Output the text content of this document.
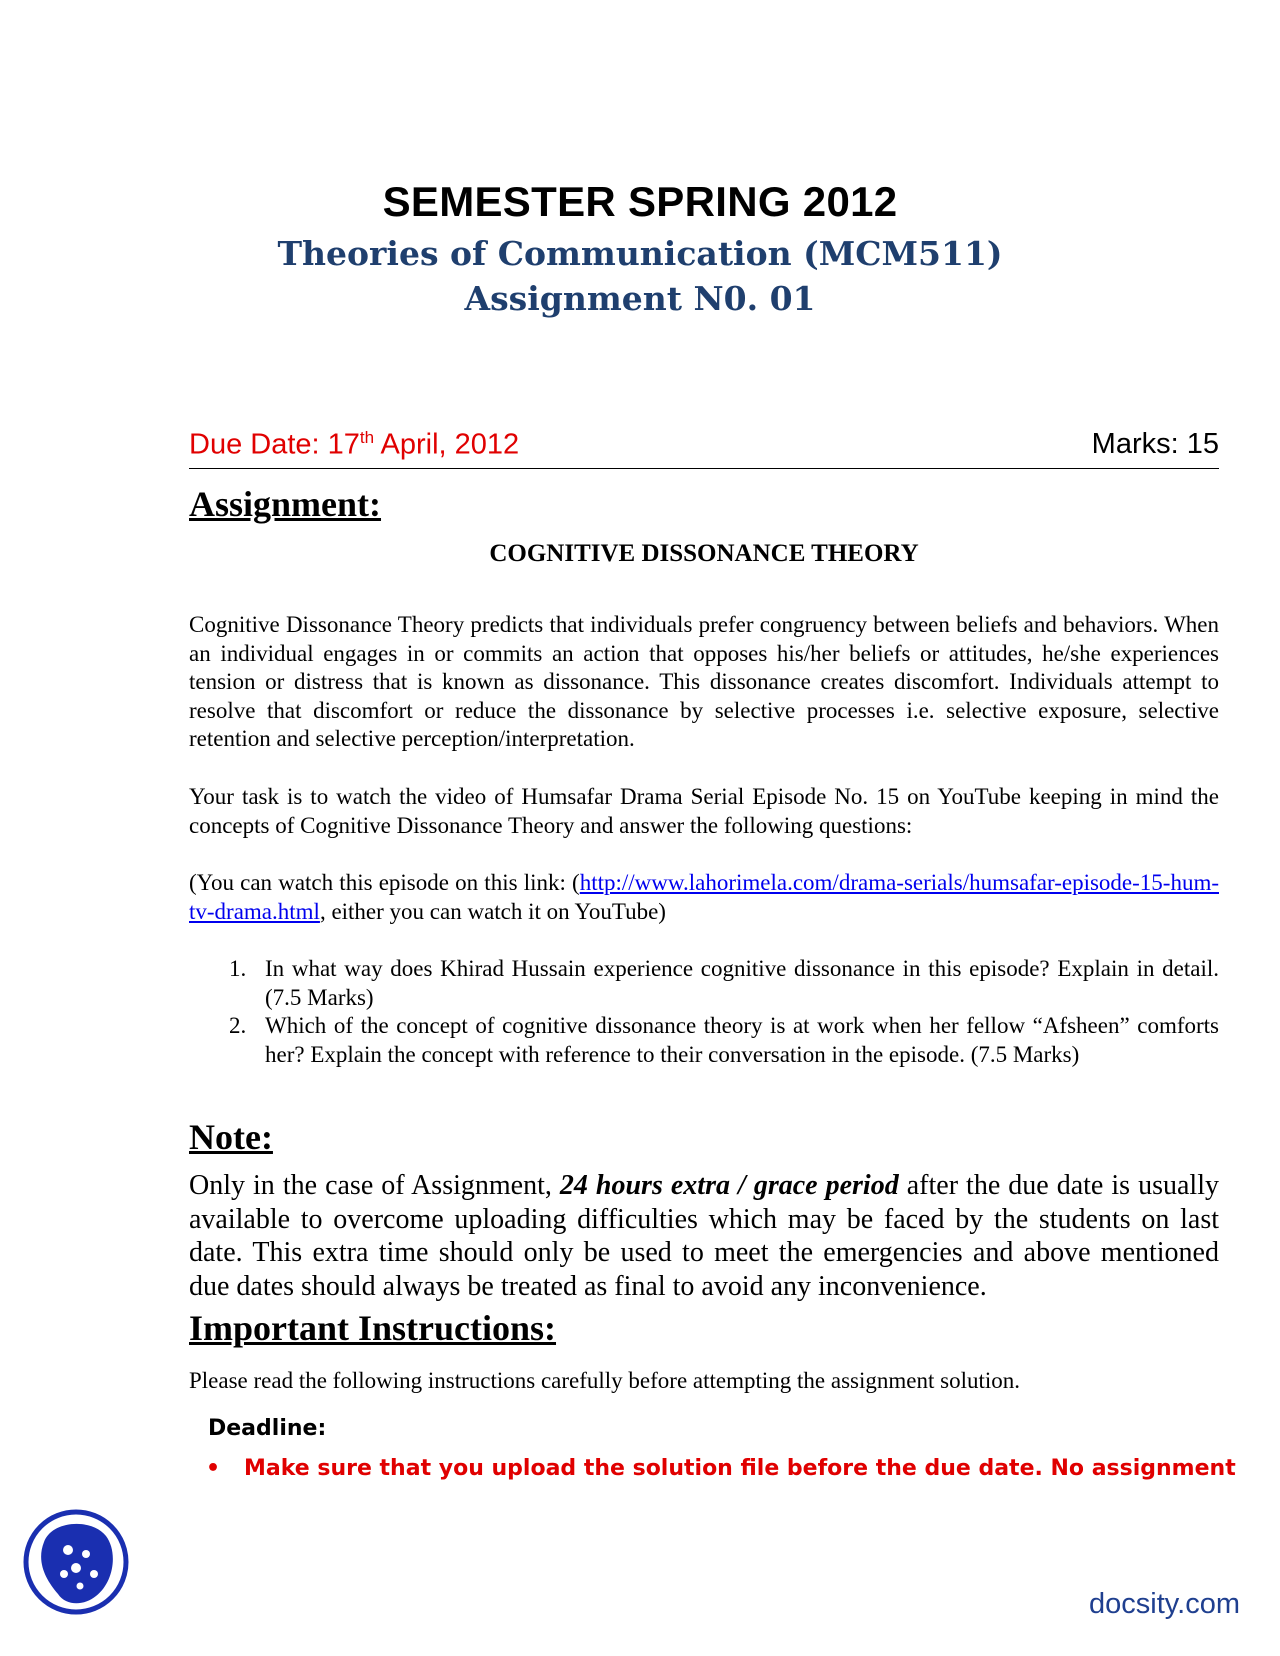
SEMESTER SPRING 2012
Theories of Communication (MCM511)
Assignment N0. 01
Due Date: 17th April, 2012	Marks: 15
Assignment:
COGNITIVE DISSONANCE THEORY
Cognitive Dissonance Theory predicts that individuals prefer congruency between beliefs and behaviors. When an individual engages in or commits an action that opposes his/her beliefs or attitudes, he/she experiences tension or distress that is known as dissonance. This dissonance creates discomfort. Individuals attempt to resolve that discomfort or reduce the dissonance by selective processes i.e. selective exposure, selective retention and selective perception/interpretation.
Your task is to watch the video of Humsafar Drama Serial Episode No. 15 on YouTube keeping in mind the concepts of Cognitive Dissonance Theory and answer the following questions:
(You can watch this episode on this link: (http://www.lahorimela.com/drama-serials/humsafar-episode-15-hum-tv-drama.html, either you can watch it on YouTube)
1. In what way does Khirad Hussain experience cognitive dissonance in this episode? Explain in detail. (7.5 Marks)
2. Which of the concept of cognitive dissonance theory is at work when her fellow “Afsheen” comforts her? Explain the concept with reference to their conversation in the episode. (7.5 Marks)
Note:
Only in the case of Assignment, 24 hours extra / grace period after the due date is usually available to overcome uploading difficulties which may be faced by the students on last date. This extra time should only be used to meet the emergencies and above mentioned due dates should always be treated as final to avoid any inconvenience.
Important Instructions:
Please read the following instructions carefully before attempting the assignment solution.
Deadline:
• Make sure that you upload the solution file before the due date. No assignment
docsity.com
